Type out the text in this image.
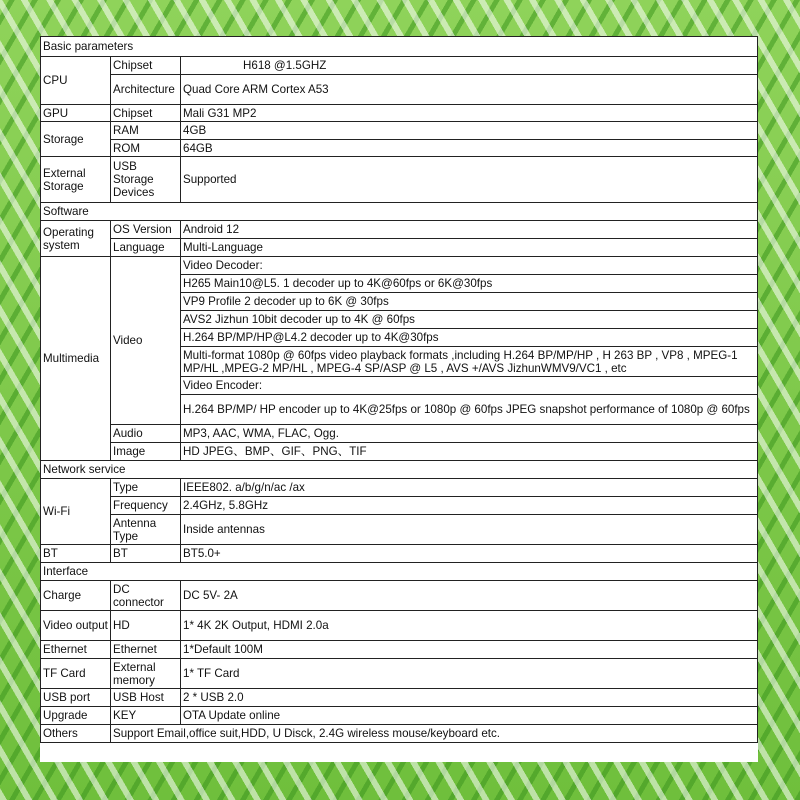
Basic parameters		
CPU	Chipset	H618 @1.5GHZ
	Architecture	Quad Core ARM Cortex A53
GPU	Chipset	Mali G31 MP2
Storage	RAM	4GB
	ROM	64GB
External Storage	USB Storage Devices	Supported
Software		
Operating system	OS Version	Android 12
	Language	Multi-Language
Multimedia	Video	Video Decoder:
		H265 Main10@L5. 1 decoder up to 4K@60fps or 6K@30fps
		VP9 Profile 2 decoder up to 6K @ 30fps
		AVS2 Jizhun 10bit decoder up to 4K @ 60fps
		H.264 BP/MP/HP@L4.2 decoder up to 4K@30fps
		Multi-format 1080p @ 60fps video playback formats ,including H.264 BP/MP/HP , H 263 BP , VP8 , MPEG-1 MP/HL ,MPEG-2 MP/HL , MPEG-4 SP/ASP @ L5 , AVS +/AVS JizhunWMV9/VC1 , etc
		Video Encoder:
		H.264 BP/MP/ HP encoder up to 4K@25fps or 1080p @ 60fps JPEG snapshot performance of 1080p @ 60fps
	Audio	MP3, AAC, WMA, FLAC, Ogg.
	Image	HD JPEG、BMP、GIF、PNG、TIF
Network service		
Wi-Fi	Type	IEEE802. a/b/g/n/ac /ax
	Frequency	2.4GHz, 5.8GHz
	Antenna Type	Inside antennas
BT	BT	BT5.0+
Interface		
Charge	DC connector	DC 5V- 2A
Video output	HD	1* 4K 2K Output, HDMI 2.0a
Ethernet	Ethernet	1*Default 100M
TF Card	External memory	1* TF Card
USB port	USB Host	2 * USB 2.0
Upgrade	KEY	OTA Update online
Others	Support Email,office suit,HDD, U Disck, 2.4G wireless mouse/keyboard etc.	
